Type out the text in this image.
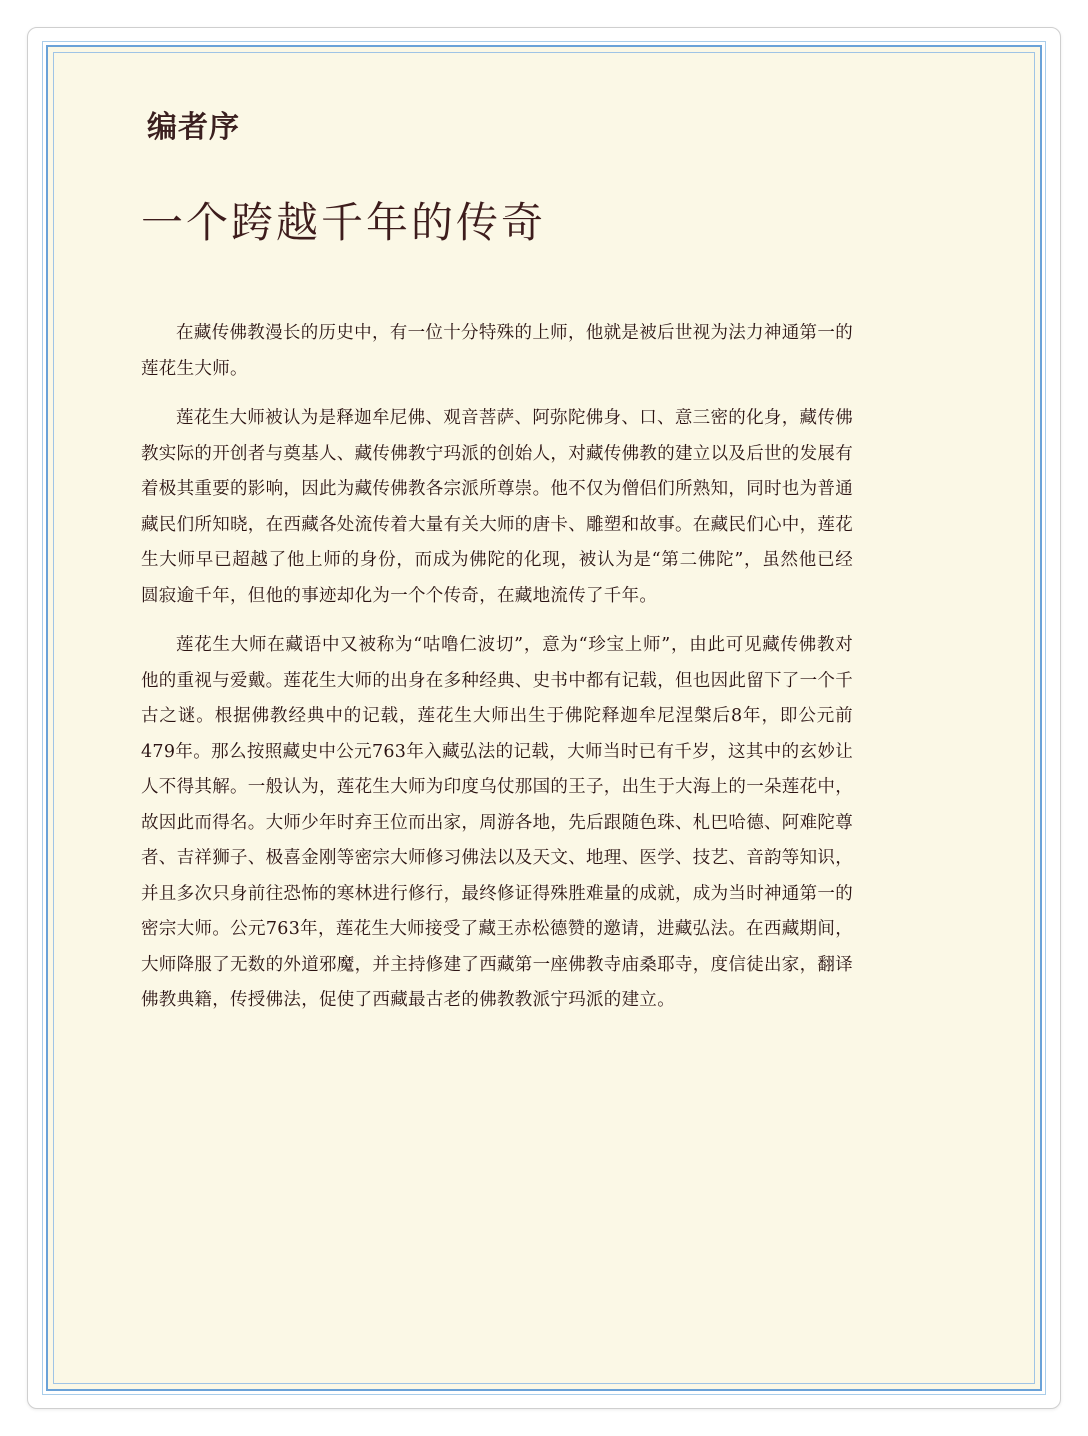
编者序
一个跨越千年的传奇

在藏传佛教漫长的历史中，有一位十分特殊的上师，他就是被后世视为法力神通第一的莲花生大师。

莲花生大师被认为是释迦牟尼佛、观音菩萨、阿弥陀佛身、口、意三密的化身，藏传佛教实际的开创者与奠基人、藏传佛教宁玛派的创始人，对藏传佛教的建立以及后世的发展有着极其重要的影响，因此为藏传佛教各宗派所尊崇。他不仅为僧侣们所熟知，同时也为普通藏民们所知晓，在西藏各处流传着大量有关大师的唐卡、雕塑和故事。在藏民们心中，莲花生大师早已超越了他上师的身份，而成为佛陀的化现，被认为是“第二佛陀”，虽然他已经圆寂逾千年，但他的事迹却化为一个个传奇，在藏地流传了千年。

莲花生大师在藏语中又被称为“咕噜仁波切”，意为“珍宝上师”，由此可见藏传佛教对他的重视与爱戴。莲花生大师的出身在多种经典、史书中都有记载，但也因此留下了一个千古之谜。根据佛教经典中的记载，莲花生大师出生于佛陀释迦牟尼涅槃后8年，即公元前479年。那么按照藏史中公元763年入藏弘法的记载，大师当时已有千岁，这其中的玄妙让人不得其解。一般认为，莲花生大师为印度乌仗那国的王子，出生于大海上的一朵莲花中，故因此而得名。大师少年时弃王位而出家，周游各地，先后跟随色珠、札巴哈德、阿难陀尊者、吉祥狮子、极喜金刚等密宗大师修习佛法以及天文、地理、医学、技艺、音韵等知识，并且多次只身前往恐怖的寒林进行修行，最终修证得殊胜难量的成就，成为当时神通第一的密宗大师。公元763年，莲花生大师接受了藏王赤松德赞的邀请，进藏弘法。在西藏期间，大师降服了无数的外道邪魔，并主持修建了西藏第一座佛教寺庙桑耶寺，度信徒出家，翻译佛教典籍，传授佛法，促使了西藏最古老的佛教教派宁玛派的建立。
